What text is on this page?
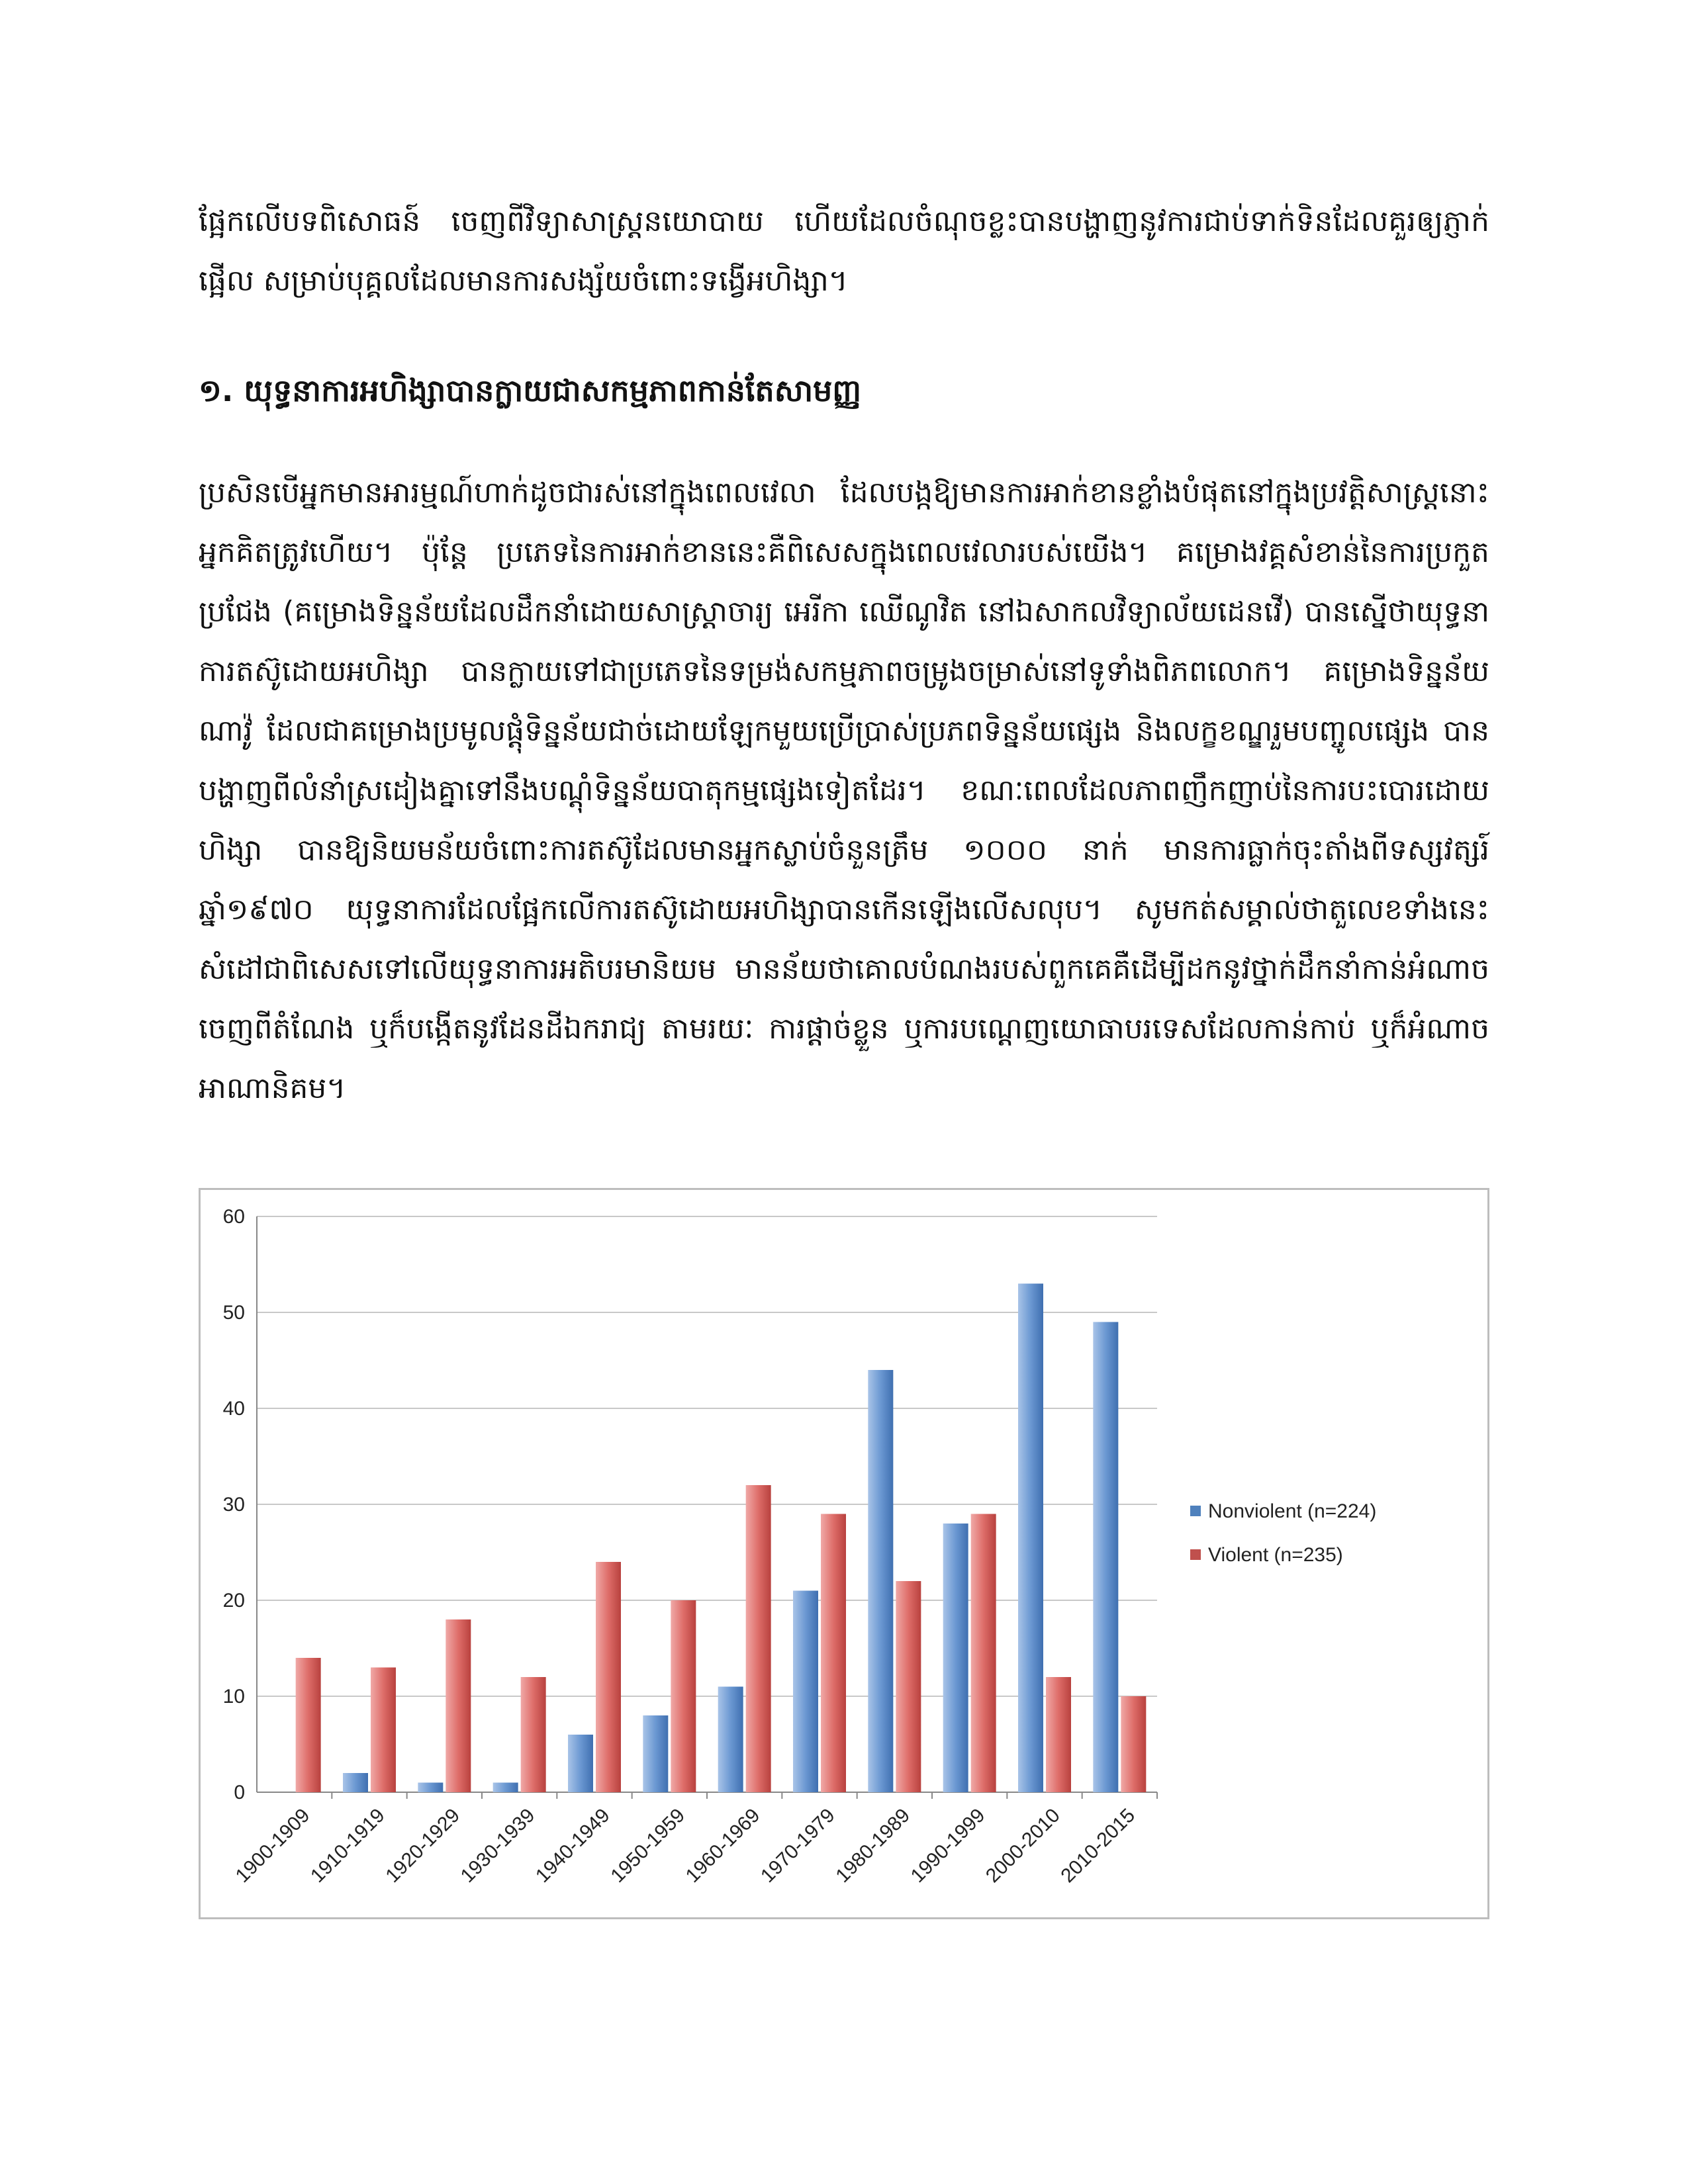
ផ្អែកលើបទពិសោធន៍ ចេញពីវិទ្យាសាស្ត្រនយោបាយ ហើយដែលចំណុចខ្លះបានបង្ហាញនូវការជាប់ទាក់ទិនដែលគួរឲ្យភ្ញាក់ផ្អើល សម្រាប់បុគ្គលដែលមានការសង្ស័យចំពោះទង្វើអហិង្សា។
១. យុទ្ធនាការអហិង្សាបានក្លាយជាសកម្មភាពកាន់តែសាមញ្ញ
ប្រសិនបើអ្នកមានអារម្មណ៍ហាក់ដូចជារស់នៅក្នុងពេលវេលា ដែលបង្កឱ្យមានការអាក់ខានខ្លាំងបំផុតនៅក្នុងប្រវត្តិសាស្ត្រនោះ អ្នកគិតត្រូវហើយ។ ប៉ុន្តែ ប្រភេទនៃការអាក់ខាននេះគឺពិសេសក្នុងពេលវេលារបស់យើង។ គម្រោងវគ្គសំខាន់នៃការប្រកួតប្រជែង (គម្រោងទិន្នន័យដែលដឹកនាំដោយសាស្ត្រាចារ្យ អេរីកា ឈើណូវិត នៅឯសាកលវិទ្យាល័យដេនវើ) បានស្នើថាយុទ្ធនាការតស៊ូដោយអហិង្សា បានក្លាយទៅជាប្រភេទនៃទម្រង់សកម្មភាពចម្រូងចម្រាស់នៅទូទាំងពិភពលោក។ គម្រោងទិន្នន័យ ណាវ៉ូ ដែលជាគម្រោងប្រមូលផ្តុំទិន្នន័យជាច់ដោយឡែកមួយប្រើប្រាស់ប្រភពទិន្នន័យផ្សេង និងលក្ខខណ្ឌរួមបញ្ចូលផ្សេង បានបង្ហាញពីលំនាំស្រដៀងគ្នាទៅនឹងបណ្តុំទិន្នន័យបាតុកម្មផ្សេងទៀតដែរ។ ខណៈពេលដែលភាពញឹកញាប់នៃការបះបោរដោយហិង្សា បានឱ្យនិយមន័យចំពោះការតស៊ូដែលមានអ្នកស្លាប់ចំនួនត្រឹម ១០០០ នាក់ មានការធ្លាក់ចុះតាំងពីទស្សវត្សរ៍ឆ្នាំ១៩៧០ យុទ្ធនាការដែលផ្អែកលើការតស៊ូដោយអហិង្សាបានកើនឡើងលើសលុប។ សូមកត់សម្គាល់ថាតួលេខទាំងនេះសំដៅជាពិសេសទៅលើយុទ្ធនាការអតិបរមានិយម មានន័យថាគោលបំណងរបស់ពួកគេគឺដើម្បីដកនូវថ្នាក់ដឹកនាំកាន់អំណាចចេញពីតំណែង ឬក៏បង្កើតនូវដែនដីឯករាជ្យ តាមរយៈ ការផ្តាច់ខ្លួន ឬការបណ្តេញយោធាបរទេសដែលកាន់កាប់ ឬក៏អំណាចអាណានិគម។
0
10
20
30
40
50
60
1900-1909
1910-1919
1920-1929
1930-1939
1940-1949
1950-1959
1960-1969
1970-1979
1980-1989
1990-1999
2000-2010
2010-2015
Nonviolent (n=224)
Violent (n=235)
